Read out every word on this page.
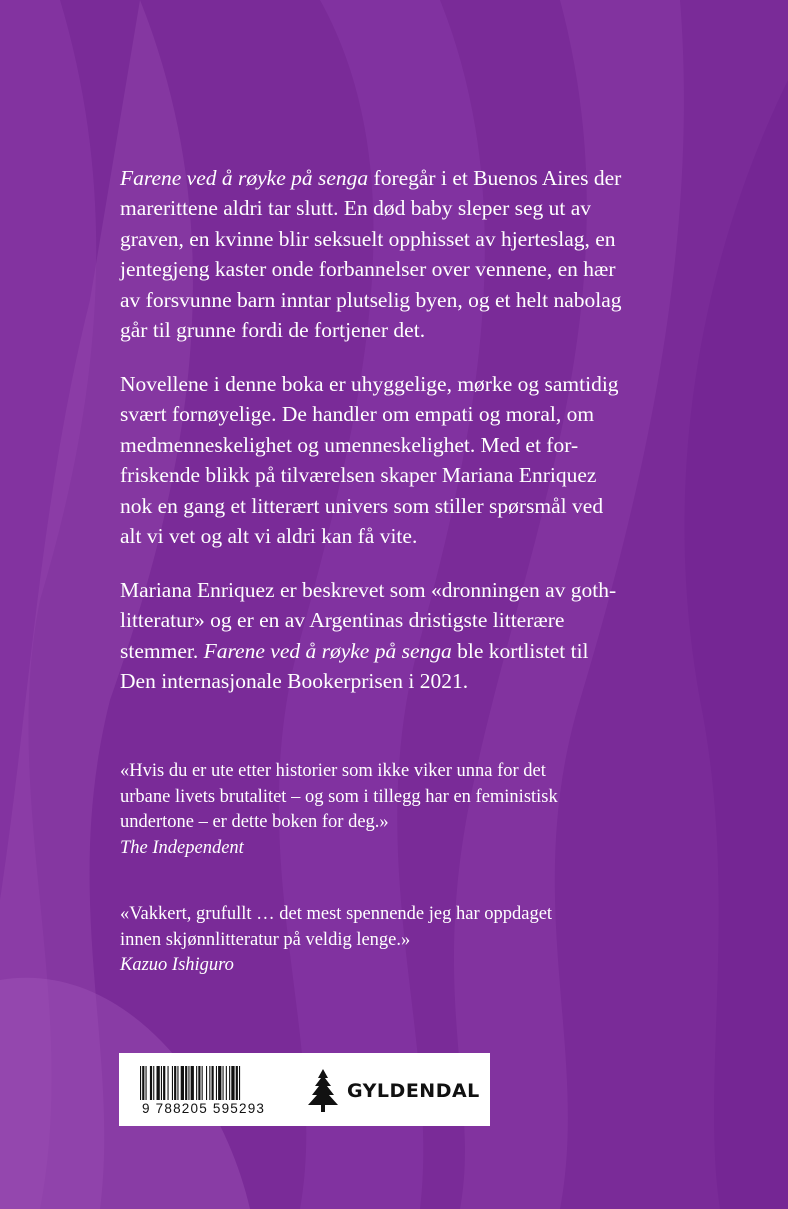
Farene ved å røyke på senga foregår i et Buenos Aires der
marerittene aldri tar slutt. En død baby sleper seg ut av
graven, en kvinne blir seksuelt opphisset av hjerteslag, en
jentegjeng kaster onde forbannelser over vennene, en hær
av forsvunne barn inntar plutselig byen, og et helt nabolag
går til grunne fordi de fortjener det.

Novellene i denne boka er uhyggelige, mørke og samtidig
svært fornøyelige. De handler om empati og moral, om
medmenneskelighet og umenneskelighet. Med et for-
friskende blikk på tilværelsen skaper Mariana Enriquez
nok en gang et litterært univers som stiller spørsmål ved
alt vi vet og alt vi aldri kan få vite.

Mariana Enriquez er beskrevet som «dronningen av goth-
litteratur» og er en av Argentinas dristigste litterære
stemmer. Farene ved å røyke på senga ble kortlistet til
Den internasjonale Bookerprisen i 2021.

«Hvis du er ute etter historier som ikke viker unna for det
urbane livets brutalitet – og som i tillegg har en feministisk
undertone – er dette boken for deg.»
The Independent
«Vakkert, grufullt … det mest spennende jeg har oppdaget
innen skjønnlitteratur på veldig lenge.»
Kazuo Ishiguro
9 788205 595293
GYLDENDAL
